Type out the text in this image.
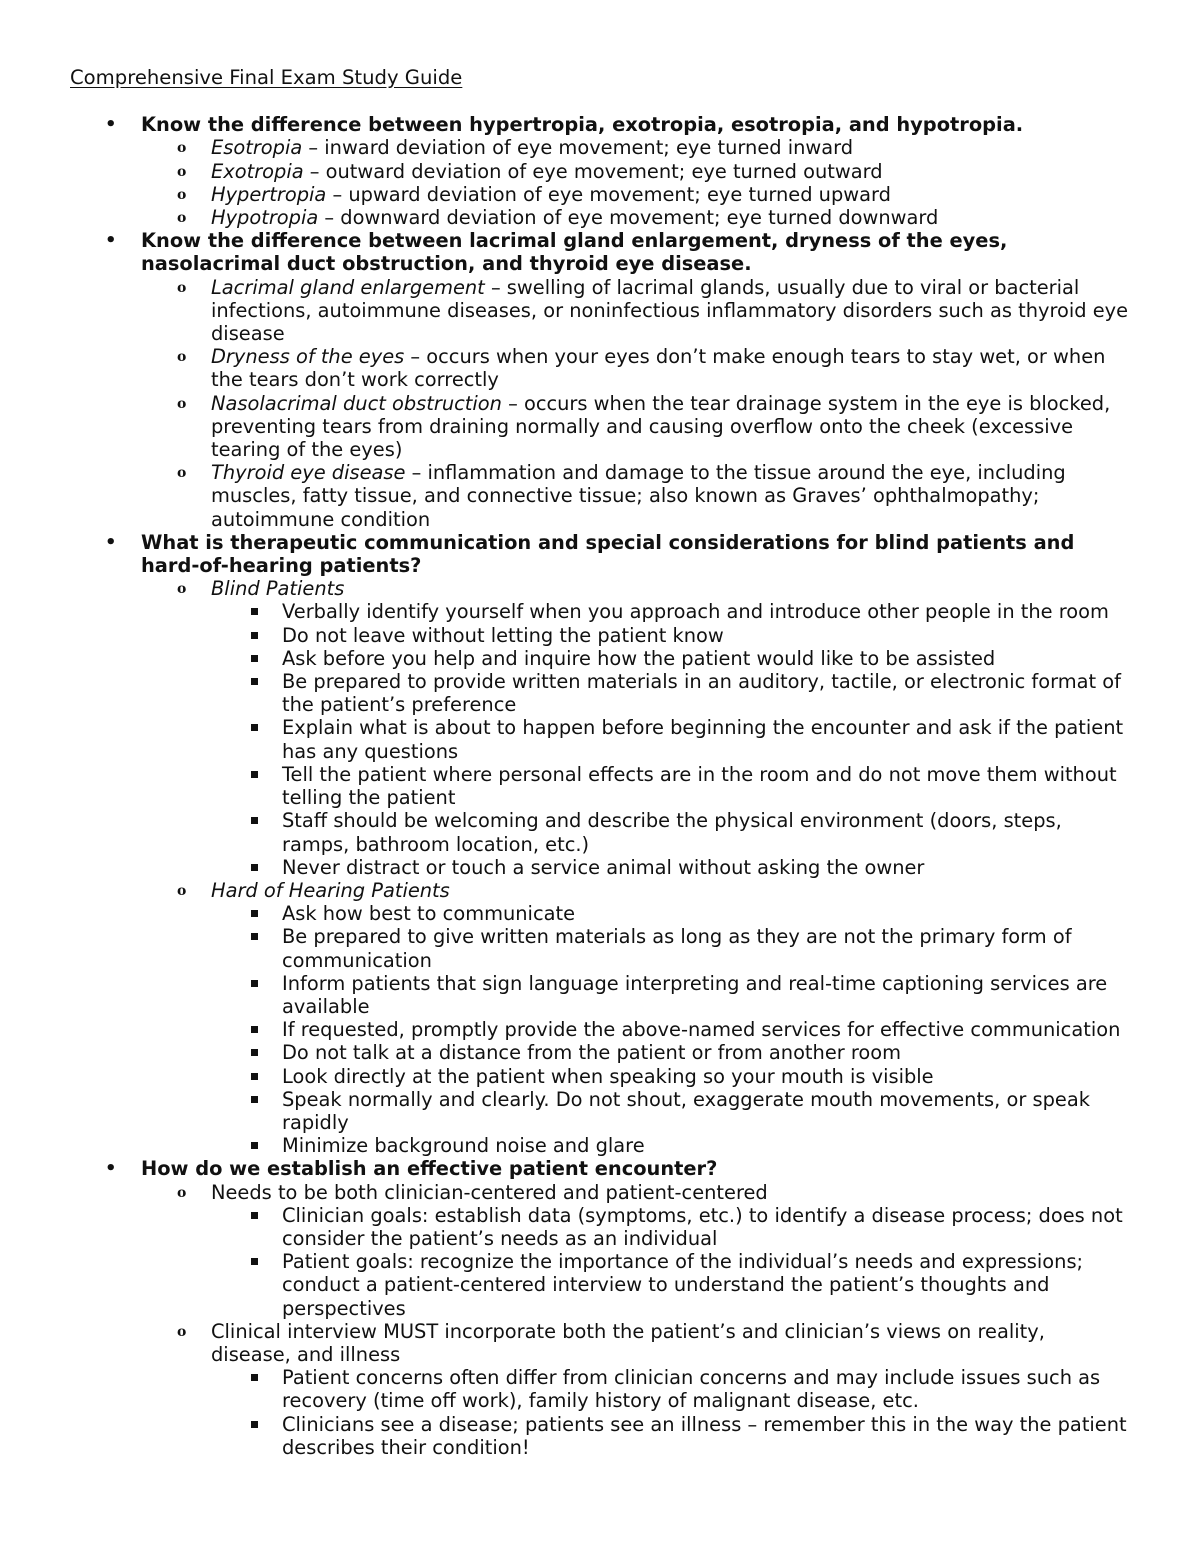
Comprehensive Final Exam Study Guide
• Know the difference between hypertropia, exotropia, esotropia, and hypotropia.
o Esotropia – inward deviation of eye movement; eye turned inward
o Exotropia – outward deviation of eye movement; eye turned outward
o Hypertropia – upward deviation of eye movement; eye turned upward
o Hypotropia – downward deviation of eye movement; eye turned downward
• Know the difference between lacrimal gland enlargement, dryness of the eyes, nasolacrimal duct obstruction, and thyroid eye disease.
o Lacrimal gland enlargement – swelling of lacrimal glands, usually due to viral or bacterial infections, autoimmune diseases, or noninfectious inflammatory disorders such as thyroid eye disease
o Dryness of the eyes – occurs when your eyes don’t make enough tears to stay wet, or when the tears don’t work correctly
o Nasolacrimal duct obstruction – occurs when the tear drainage system in the eye is blocked, preventing tears from draining normally and causing overflow onto the cheek (excessive tearing of the eyes)
o Thyroid eye disease – inflammation and damage to the tissue around the eye, including muscles, fatty tissue, and connective tissue; also known as Graves’ ophthalmopathy; autoimmune condition
• What is therapeutic communication and special considerations for blind patients and hard-of-hearing patients?
o Blind Patients
Verbally identify yourself when you approach and introduce other people in the room
Do not leave without letting the patient know
Ask before you help and inquire how the patient would like to be assisted
Be prepared to provide written materials in an auditory, tactile, or electronic format of the patient’s preference
Explain what is about to happen before beginning the encounter and ask if the patient has any questions
Tell the patient where personal effects are in the room and do not move them without telling the patient
Staff should be welcoming and describe the physical environment (doors, steps, ramps, bathroom location, etc.)
Never distract or touch a service animal without asking the owner
o Hard of Hearing Patients
Ask how best to communicate
Be prepared to give written materials as long as they are not the primary form of communication
Inform patients that sign language interpreting and real-time captioning services are available
If requested, promptly provide the above-named services for effective communication
Do not talk at a distance from the patient or from another room
Look directly at the patient when speaking so your mouth is visible
Speak normally and clearly. Do not shout, exaggerate mouth movements, or speak rapidly
Minimize background noise and glare
• How do we establish an effective patient encounter?
o Needs to be both clinician-centered and patient-centered
Clinician goals: establish data (symptoms, etc.) to identify a disease process; does not consider the patient’s needs as an individual
Patient goals: recognize the importance of the individual’s needs and expressions; conduct a patient-centered interview to understand the patient’s thoughts and perspectives
o Clinical interview MUST incorporate both the patient’s and clinician’s views on reality, disease, and illness
Patient concerns often differ from clinician concerns and may include issues such as recovery (time off work), family history of malignant disease, etc.
Clinicians see a disease; patients see an illness – remember this in the way the patient describes their condition!
